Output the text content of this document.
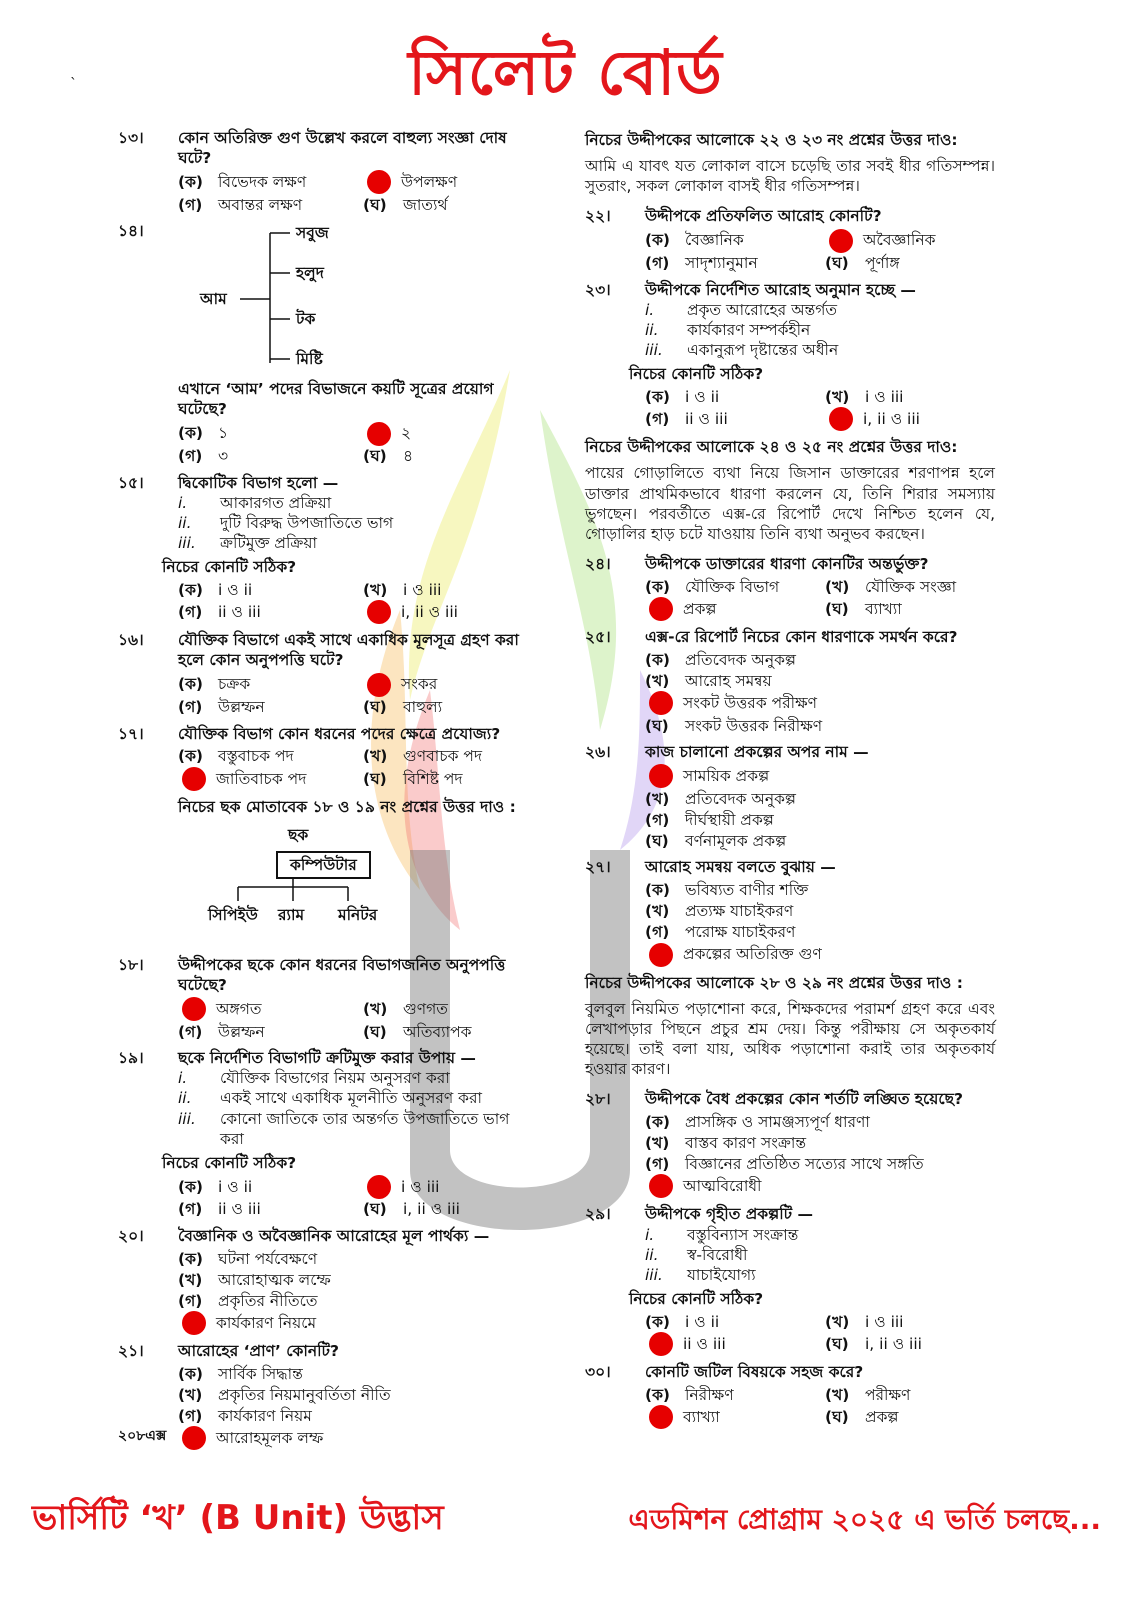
ˎ	সিলেট বোর্ড
১৩। কোন অতিরিক্ত গুণ উল্লেখ করলে বাহুল্য সংজ্ঞা দোষ ঘটে?
(ক) বিভেদক লক্ষণ	উপলক্ষণ
(গ)	অবান্তর লক্ষণ	(ঘ)	জাত্যর্থ
১৪।
আম
সবুজ
হলুদ
টক
মিষ্টি
এখানে ‘আম’ পদের বিভাজনে কয়টি সূত্রের প্রয়োগ ঘটেছে?
(ক) ১	২
(গ)	৩	(ঘ)	৪
১৫। দ্বিকোটিক বিভাগ হলো —
i.	আকারগত প্রক্রিয়া
ii.	দুটি বিরুদ্ধ উপজাতিতে ভাগ
iii.	ক্রটিমুক্ত প্রক্রিয়া
নিচের কোনটি সঠিক?
(ক) i ও ii	(খ)	i ও iii
(গ)	ii ও iii	i, ii ও iii
১৬। যৌক্তিক বিভাগে একই সাথে একাধিক মূলসূত্র গ্রহণ করা হলে কোন অনুপপত্তি ঘটে?
(ক) চক্রক	সংকর
(গ)	উল্লম্ফন	(ঘ)	বাহুল্য
১৭। যৌক্তিক বিভাগ কোন ধরনের পদের ক্ষেত্রে প্রযোজ্য?
(ক) বস্তুবাচক পদ	(খ)	গুণবাচক পদ
জাতিবাচক পদ	(ঘ)	বিশিষ্ট পদ
নিচের ছক মোতাবেক ১৮ ও ১৯ নং প্রশ্নের উত্তর দাও :
ছক
কম্পিউটার
সিপিইউ র‍্যাম মনিটর
১৮। উদ্দীপকের ছকে কোন ধরনের বিভাগজনিত অনুপপত্তি ঘটেছে?
অঙ্গগত	(খ)	গুণগত
(গ)	উল্লম্ফন	(ঘ)	অতিব্যাপক
১৯। ছকে নির্দেশিত বিভাগটি ক্রটিমুক্ত করার উপায় —
i.	যৌক্তিক বিভাগের নিয়ম অনুসরণ করা
ii.	একই সাথে একাধিক মূলনীতি অনুসরণ করা
iii.	কোনো জাতিকে তার অন্তর্গত উপজাতিতে ভাগ করা
নিচের কোনটি সঠিক?
(ক) i ও ii	i ও iii
(গ)	ii ও iii	(ঘ)	i, ii ও iii
২০। বৈজ্ঞানিক ও অবৈজ্ঞানিক আরোহের মূল পার্থক্য —
(ক) ঘটনা পর্যবেক্ষণে
(খ)	আরোহাত্মক লম্ফে
(গ)	প্রকৃতির নীতিতে
কার্যকারণ নিয়মে
২১। আরোহের ‘প্রাণ’ কোনটি?
(ক) সার্বিক সিদ্ধান্ত
(খ)	প্রকৃতির নিয়মানুবর্তিতা নীতি
(গ)	কার্যকারণ নিয়ম
আরোহমূলক লম্ফ
নিচের উদ্দীপকের আলোকে ২২ ও ২৩ নং প্রশ্নের উত্তর দাও:
আমি এ যাবৎ যত লোকাল বাসে চড়েছি তার সবই ধীর গতিসম্পন্ন। সুতরাং, সকল লোকাল বাসই ধীর গতিসম্পন্ন।
২২। উদ্দীপকে প্রতিফলিত আরোহ কোনটি?
(ক) বৈজ্ঞানিক	অবৈজ্ঞানিক
(গ)	সাদৃশ্যানুমান	(ঘ)	পূর্ণাঙ্গ
২৩। উদ্দীপকে নির্দেশিত আরোহ অনুমান হচ্ছে —
i.	প্রকৃত আরোহের অন্তর্গত
ii.	কার্যকারণ সম্পর্কহীন
iii.	একানুরূপ দৃষ্টান্তের অধীন
নিচের কোনটি সঠিক?
(ক) i ও ii	(খ)	i ও iii
(গ)	ii ও iii	i, ii ও iii
নিচের উদ্দীপকের আলোকে ২৪ ও ২৫ নং প্রশ্নের উত্তর দাও:
পায়ের গোড়ালিতে ব্যথা নিয়ে জিসান ডাক্তারের শরণাপন্ন হলে ডাক্তার প্রাথমিকভাবে ধারণা করলেন যে, তিনি শিরার সমস্যায় ভুগছেন। পরবর্তীতে এক্স-রে রিপোর্ট দেখে নিশ্চিত হলেন যে, গোড়ালির হাড় চটে যাওয়ায় তিনি ব্যথা অনুভব করছেন।
২৪। উদ্দীপকে ডাক্তারের ধারণা কোনটির অন্তর্ভুক্ত?
(ক) যৌক্তিক বিভাগ	(খ)	যৌক্তিক সংজ্ঞা
প্রকল্প	(ঘ)	ব্যাখ্যা
২৫। এক্স-রে রিপোর্ট নিচের কোন ধারণাকে সমর্থন করে?
(ক) প্রতিবেদক অনুকল্প
(খ)	আরোহ সমন্বয়
সংকট উত্তরক পরীক্ষণ
(ঘ)	সংকট উত্তরক নিরীক্ষণ
২৬। কাজ চালানো প্রকল্পের অপর নাম —
সাময়িক প্রকল্প
(খ)	প্রতিবেদক অনুকল্প
(গ)	দীর্ঘস্থায়ী প্রকল্প
(ঘ)	বর্ণনামূলক প্রকল্প
২৭। আরোহ সমন্বয় বলতে বুঝায় —
(ক) ভবিষ্যত বাণীর শক্তি
(খ)	প্রত্যক্ষ যাচাইকরণ
(গ)	পরোক্ষ যাচাইকরণ
প্রকল্পের অতিরিক্ত গুণ
নিচের উদ্দীপকের আলোকে ২৮ ও ২৯ নং প্রশ্নের উত্তর দাও :
বুলবুল নিয়মিত পড়াশোনা করে, শিক্ষকদের পরামর্শ গ্রহণ করে এবং লেখাপড়ার পিছনে প্রচুর শ্রম দেয়। কিন্তু পরীক্ষায় সে অকৃতকার্য হয়েছে। তাই বলা যায়, অধিক পড়াশোনা করাই তার অকৃতকার্য হওয়ার কারণ।
২৮। উদ্দীপকে বৈধ প্রকল্পের কোন শর্তটি লঙ্ঘিত হয়েছে?
(ক) প্রাসঙ্গিক ও সামঞ্জস্যপূর্ণ ধারণা
(খ)	বাস্তব কারণ সংক্রান্ত
(গ)	বিজ্ঞানের প্রতিষ্ঠিত সত্যের সাথে সঙ্গতি
আত্মবিরোধী
২৯। উদ্দীপকে গৃহীত প্রকল্পটি —
i.	বস্তুবিন্যাস সংক্রান্ত
ii.	স্ব-বিরোধী
iii.	যাচাইযোগ্য
নিচের কোনটি সঠিক?
(ক) i ও ii	(খ)	i ও iii
ii ও iii	(ঘ)	i, ii ও iii
৩০। কোনটি জটিল বিষয়কে সহজ করে?
(ক) নিরীক্ষণ	(খ)	পরীক্ষণ
ব্যাখ্যা	(ঘ)	প্রকল্প
২০৮এক্স
ভার্সিটি ‘খ’ (B Unit) উদ্ভাস	এডমিশন প্রোগ্রাম ২০২৫ এ ভর্তি চলছে...
